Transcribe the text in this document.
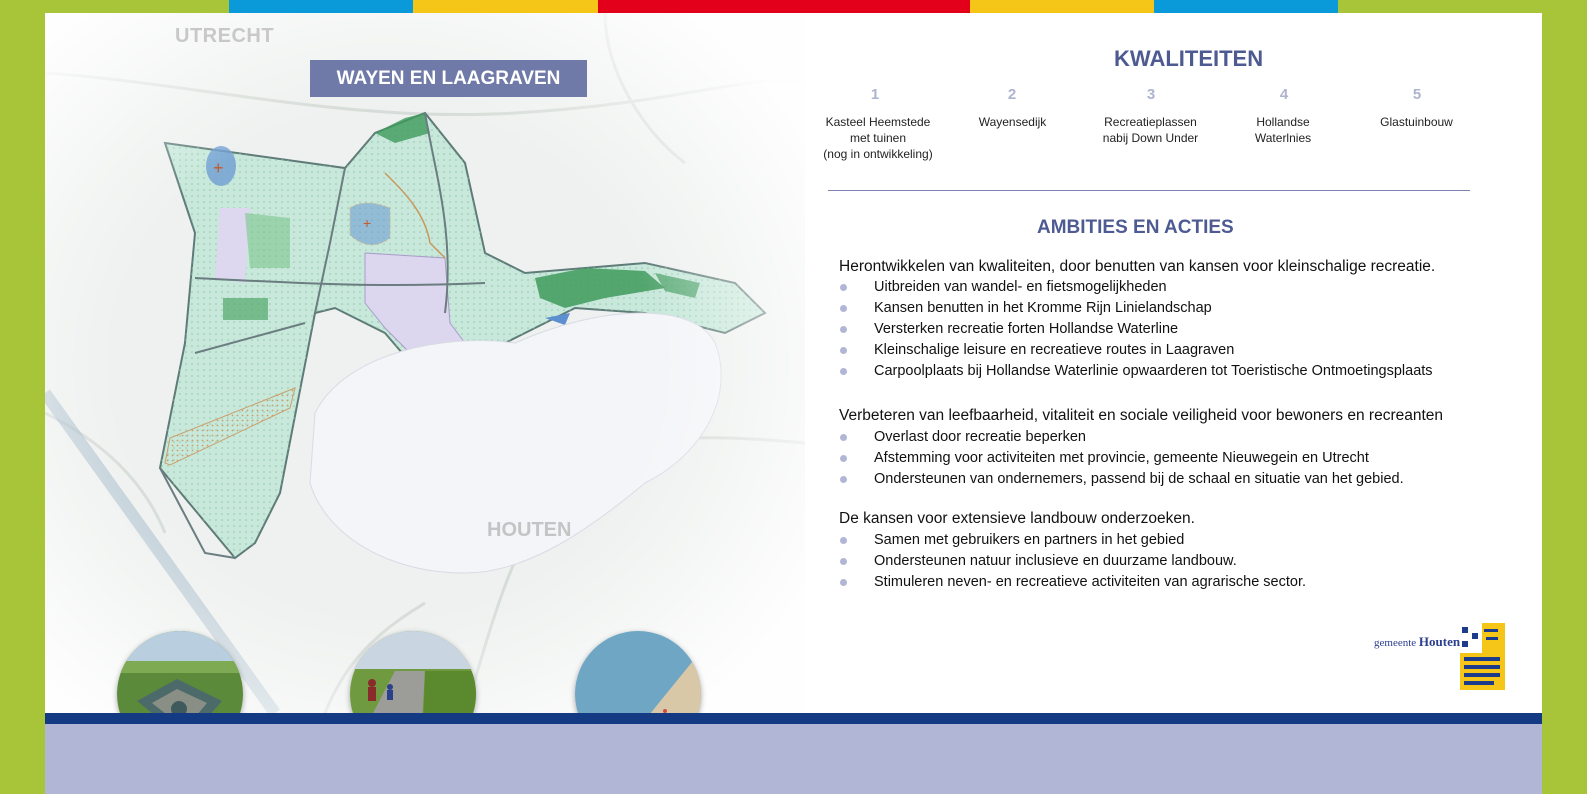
UTRECHT
HOUTEN
WAYEN EN LAAGRAVEN
KWALITEITEN
1
Kasteel Heemstede
met tuinen
(nog in ontwikkeling)
2
Wayensedijk
3
Recreatieplassen
nabij Down Under
4
Hollandse
Waterlnies
5
Glastuinbouw
AMBITIES EN ACTIES
Herontwikkelen van kwaliteiten, door benutten van kansen voor kleinschalige recreatie.
Uitbreiden van wandel- en fietsmogelijkheden
Kansen benutten in het Kromme Rijn Linielandschap
Versterken recreatie forten Hollandse Waterline
Kleinschalige leisure en recreatieve routes in Laagraven
Carpoolplaats bij Hollandse Waterlinie opwaarderen tot Toeristische Ontmoetingsplaats
Verbeteren van leefbaarheid, vitaliteit en sociale veiligheid voor bewoners en recreanten
Overlast door recreatie beperken
Afstemming voor activiteiten met provincie, gemeente Nieuwegein en Utrecht
Ondersteunen van ondernemers, passend bij de schaal en situatie van het gebied.
De kansen voor extensieve landbouw onderzoeken.
Samen met gebruikers en partners in het gebied
Ondersteunen natuur inclusieve en duurzame landbouw.
Stimuleren neven- en recreatieve activiteiten van agrarische sector.
gemeente Houten
